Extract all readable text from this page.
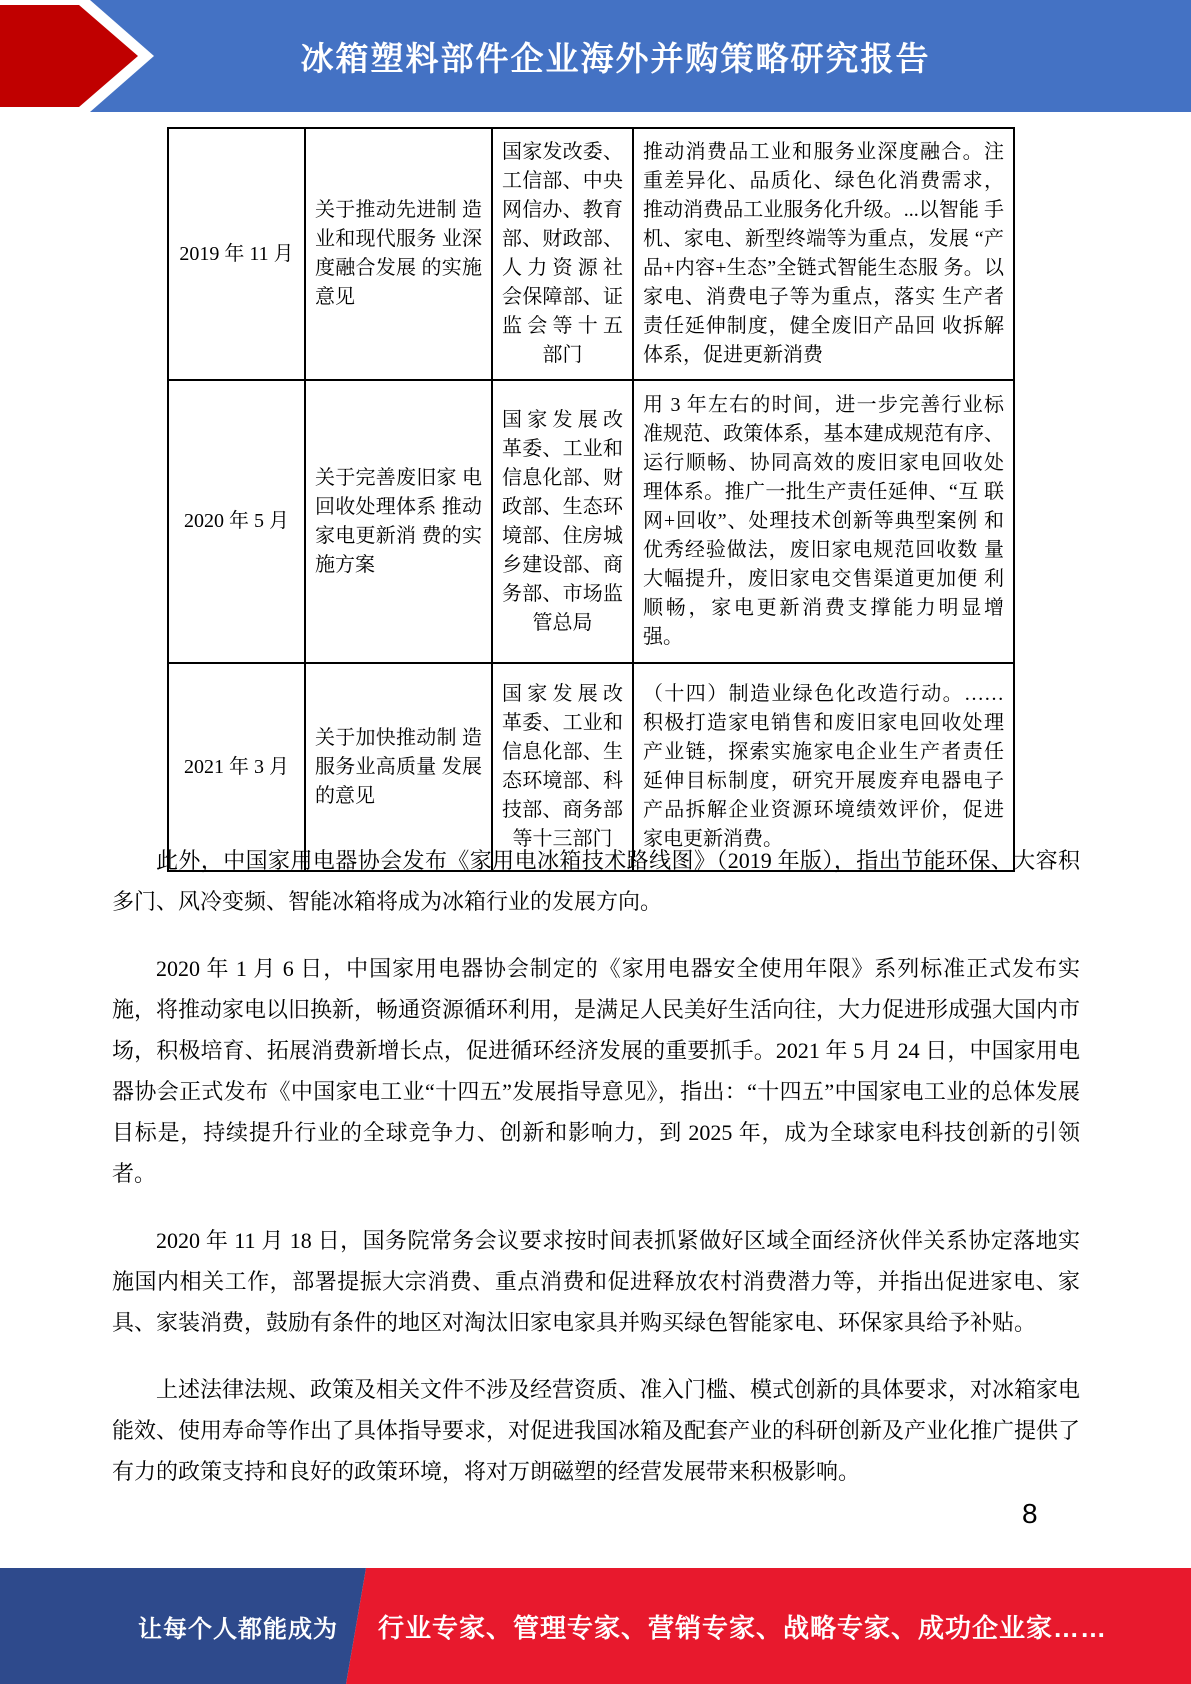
冰箱塑料部件企业海外并购策略研究报告
2019 年 11 月	关于推动先进制 造业和现代服务 业深度融合发展 的实施意见	国家发改委、工信部、中央网信办、教育部、财政部、人力资源社 会保障部、证 监会等十五 部门	推动消费品工业和服务业深度融合。注 重差异化、品质化、绿色化消费需求， 推动消费品工业服务化升级。...以智能 手机、家电、新型终端等为重点，发展 “产品+内容+生态”全链式智能生态服 务。以家电、消费电子等为重点，落实 生产者责任延伸制度，健全废旧产品回 收拆解体系，促进更新消费
2020 年 5 月	关于完善废旧家 电回收处理体系 推动家电更新消 费的实施方案	国家发展改 革委、工业和 信息化部、财 政部、生态环 境部、住房城 乡建设部、商 务部、市场监 管总局	用 3 年左右的时间，进一步完善行业标 准规范、政策体系，基本建成规范有序、 运行顺畅、协同高效的废旧家电回收处 理体系。推广一批生产责任延伸、“互 联网+回收”、处理技术创新等典型案例 和优秀经验做法，废旧家电规范回收数 量大幅提升，废旧家电交售渠道更加便 利顺畅，家电更新消费支撑能力明显增 强。
2021 年 3 月	关于加快推动制 造服务业高质量 发展的意见	国家发展改 革委、工业和 信息化部、生 态环境部、科 技部、商务部 等十三部门	（十四）制造业绿色化改造行动。…… 积极打造家电销售和废旧家电回收处理 产业链，探索实施家电企业生产者责任 延伸目标制度，研究开展废弃电器电子 产品拆解企业资源环境绩效评价，促进 家电更新消费。

此外，中国家用电器协会发布《家用电冰箱技术路线图》（2019 年版），指出节能环保、大容积多门、风冷变频、智能冰箱将成为冰箱行业的发展方向。

2020 年 1 月 6 日，中国家用电器协会制定的《家用电器安全使用年限》系列标准正式发布实施，将推动家电以旧换新，畅通资源循环利用，是满足人民美好生活向往，大力促进形成强大国内市场，积极培育、拓展消费新增长点，促进循环经济发展的重要抓手。2021 年 5 月 24 日，中国家用电器协会正式发布《中国家电工业“十四五”发展指导意见》，指出：“十四五”中国家电工业的总体发展目标是，持续提升行业的全球竞争力、创新和影响力，到 2025 年，成为全球家电科技创新的引领者。

2020 年 11 月 18 日，国务院常务会议要求按时间表抓紧做好区域全面经济伙伴关系协定落地实施国内相关工作，部署提振大宗消费、重点消费和促进释放农村消费潜力等，并指出促进家电、家具、家装消费，鼓励有条件的地区对淘汰旧家电家具并购买绿色智能家电、环保家具给予补贴。

上述法律法规、政策及相关文件不涉及经营资质、准入门槛、模式创新的具体要求，对冰箱家电能效、使用寿命等作出了具体指导要求，对促进我国冰箱及配套产业的科研创新及产业化推广提供了有力的政策支持和良好的政策环境，将对万朗磁塑的经营发展带来积极影响。

8
让每个人都能成为 行业专家、管理专家、营销专家、战略专家、成功企业家……
